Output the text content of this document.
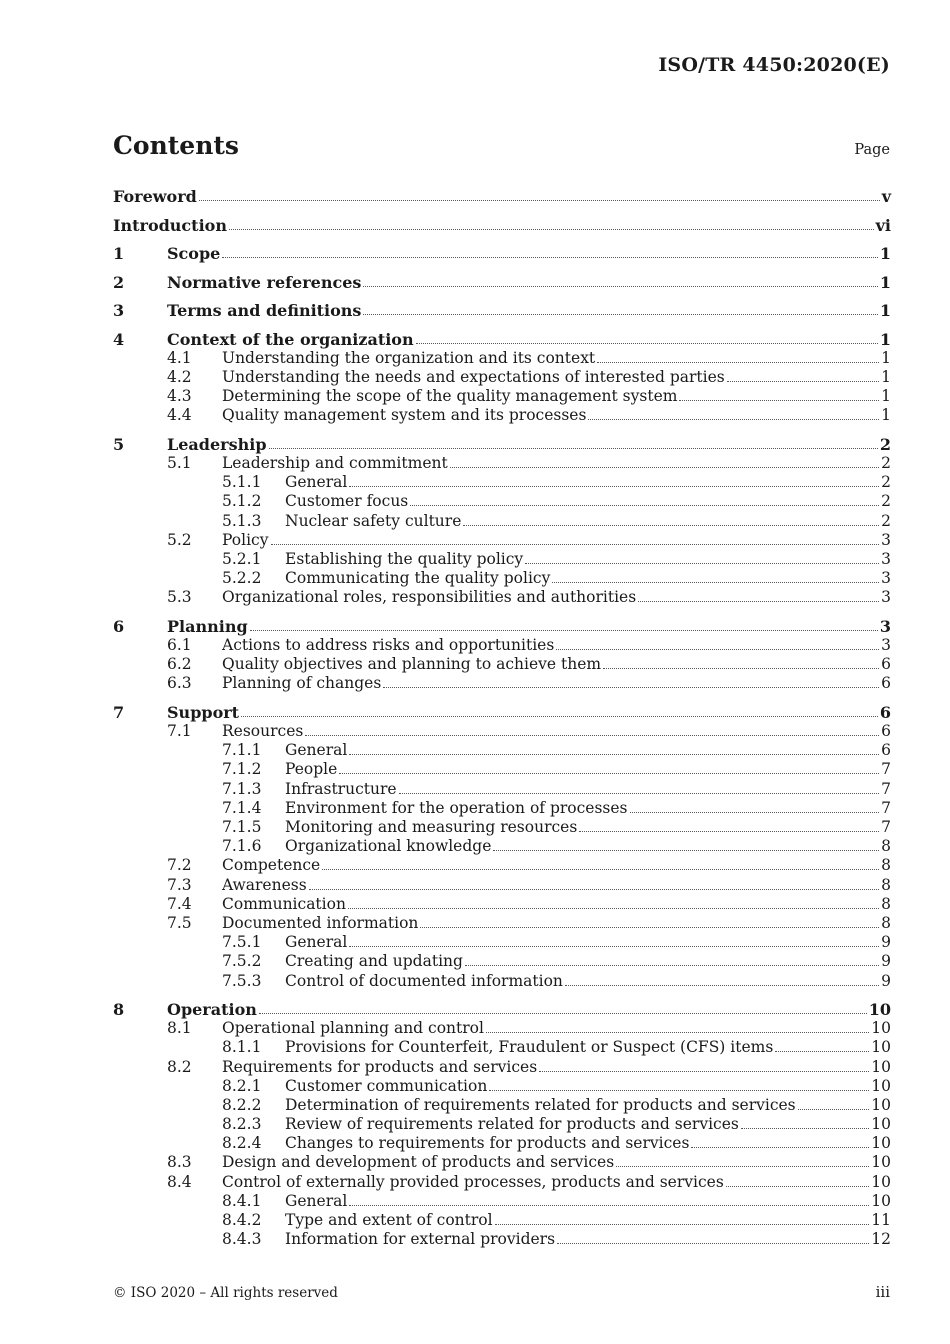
ISO/TR 4450:2020(E)
Contents	Page
Foreword	v
Introduction	vi
1	Scope	1
2	Normative references	1
3	Terms and definitions	1
4	Context of the organization	1
4.1	Understanding the organization and its context	1
4.2	Understanding the needs and expectations of interested parties	1
4.3	Determining the scope of the quality management system	1
4.4	Quality management system and its processes	1
5	Leadership	2
5.1	Leadership and commitment	2
5.1.1	General	2
5.1.2	Customer focus	2
5.1.3	Nuclear safety culture	2
5.2	Policy	3
5.2.1	Establishing the quality policy	3
5.2.2	Communicating the quality policy	3
5.3	Organizational roles, responsibilities and authorities	3
6	Planning	3
6.1	Actions to address risks and opportunities	3
6.2	Quality objectives and planning to achieve them	6
6.3	Planning of changes	6
7	Support	6
7.1	Resources	6
7.1.1	General	6
7.1.2	People	7
7.1.3	Infrastructure	7
7.1.4	Environment for the operation of processes	7
7.1.5	Monitoring and measuring resources	7
7.1.6	Organizational knowledge	8
7.2	Competence	8
7.3	Awareness	8
7.4	Communication	8
7.5	Documented information	8
7.5.1	General	9
7.5.2	Creating and updating	9
7.5.3	Control of documented information	9
8	Operation	10
8.1	Operational planning and control	10
8.1.1	Provisions for Counterfeit, Fraudulent or Suspect (CFS) items	10
8.2	Requirements for products and services	10
8.2.1	Customer communication	10
8.2.2	Determination of requirements related for products and services	10
8.2.3	Review of requirements related for products and services	10
8.2.4	Changes to requirements for products and services	10
8.3	Design and development of products and services	10
8.4	Control of externally provided processes, products and services	10
8.4.1	General	10
8.4.2	Type and extent of control	11
8.4.3	Information for external providers	12
© ISO 2020 – All rights reserved	iii
